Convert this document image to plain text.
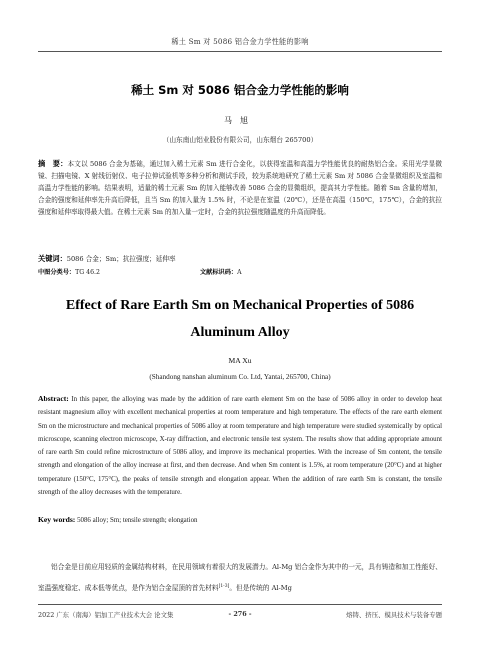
稀土 Sm 对 5086 铝合金力学性能的影响
稀土 Sm 对 5086 铝合金力学性能的影响
马旭
（山东南山铝业股份有限公司，山东烟台 265700）
摘　要：本文以 5086 合金为基础，通过加入稀土元素 Sm 进行合金化，以获得室温和高温力学性能优良的耐热铝合金。采用光学显微镜、扫描电镜、X 射线衍射仪、电子拉伸试验机等多种分析和测试手段，较为系统地研究了稀土元素 Sm 对 5086 合金显微组织及室温和高温力学性能的影响。结果表明，适量的稀土元素 Sm 的加入能够改善 5086 合金的显微组织，提高其力学性能。随着 Sm 含量的增加，合金的强度和延伸率先升高后降低，且当 Sm 的加入量为 1.5% 时，不论是在室温（20℃），还是在高温（150℃，175℃），合金的抗拉强度和延伸率取得最大值。在稀土元素 Sm 的加入量一定时，合金的抗拉强度随温度的升高而降低。
关键词：5086 合金；Sm；抗拉强度；延伸率
中图分类号：TG 46.2	文献标识码：A
Effect of Rare Earth Sm on Mechanical Properties of 5086 Aluminum Alloy
MA Xu
(Shandong nanshan aluminum Co. Ltd, Yantai, 265700, China)
Abstract: In this paper, the alloying was made by the addition of rare earth element Sm on the base of 5086 alloy in order to develop heat resistant magnesium alloy with excellent mechanical properties at room temperature and high temperature. The effects of the rare earth element Sm on the microstructure and mechanical properties of 5086 alloy at room temperature and high temperature were studied systemically by optical microscope, scanning electron microscope, X-ray diffraction, and electronic tensile test system. The results show that adding appropriate amount of rare earth Sm could refine microstructure of 5086 alloy, and improve its mechanical properties. With the increase of Sm content, the tensile strength and elongation of the alloy increase at first, and then decrease. And when Sm content is 1.5%, at room temperature (20°C) and at higher temperature (150°C, 175°C), the peaks of tensile strength and elongation appear. When the addition of rare earth Sm is constant, the tensile strength of the alloy decreases with the temperature.
Key words: 5086 alloy; Sm; tensile strength; elongation

铝合金是目前应用轻质的金属结构材料，在民用领域有着很大的发展潜力。Al-Mg 铝合金作为其中的一元，具有铸造和加工性能好、室温强度稳定、成本低等优点，是作为铝合金屋顶的首先材料[1-3]。但是传统的 Al-Mg

2022 广东（南海）铝加工产业技术大会 论文集	- 276 -	熔铸、挤压、模具技术与装备专题
